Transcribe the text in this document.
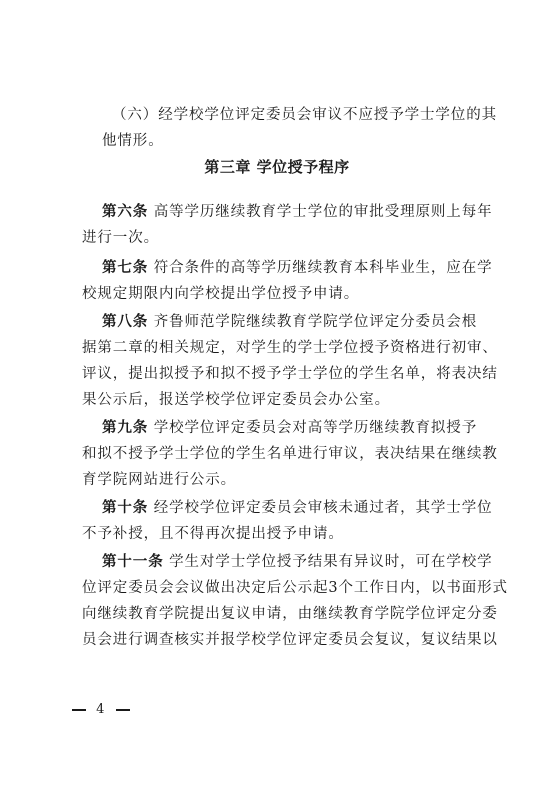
（六）经学校学位评定委员会审议不应授予学士学位的其

他情形。

第三章 学位授予程序

第六条 高等学历继续教育学士学位的审批受理原则上每年

进行一次。

第七条 符合条件的高等学历继续教育本科毕业生，应在学

校规定期限内向学校提出学位授予申请。

第八条 齐鲁师范学院继续教育学院学位评定分委员会根

据第二章的相关规定，对学生的学士学位授予资格进行初审、

评议，提出拟授予和拟不授予学士学位的学生名单，将表决结

果公示后，报送学校学位评定委员会办公室。

第九条 学校学位评定委员会对高等学历继续教育拟授予

和拟不授予学士学位的学生名单进行审议，表决结果在继续教

育学院网站进行公示。

第十条 经学校学位评定委员会审核未通过者，其学士学位

不予补授，且不得再次提出授予申请。

第十一条 学生对学士学位授予结果有异议时，可在学校学

位评定委员会会议做出决定后公示起3个工作日内，以书面形式

向继续教育学院提出复议申请，由继续教育学院学位评定分委

员会进行调查核实并报学校学位评定委员会复议，复议结果以

4
